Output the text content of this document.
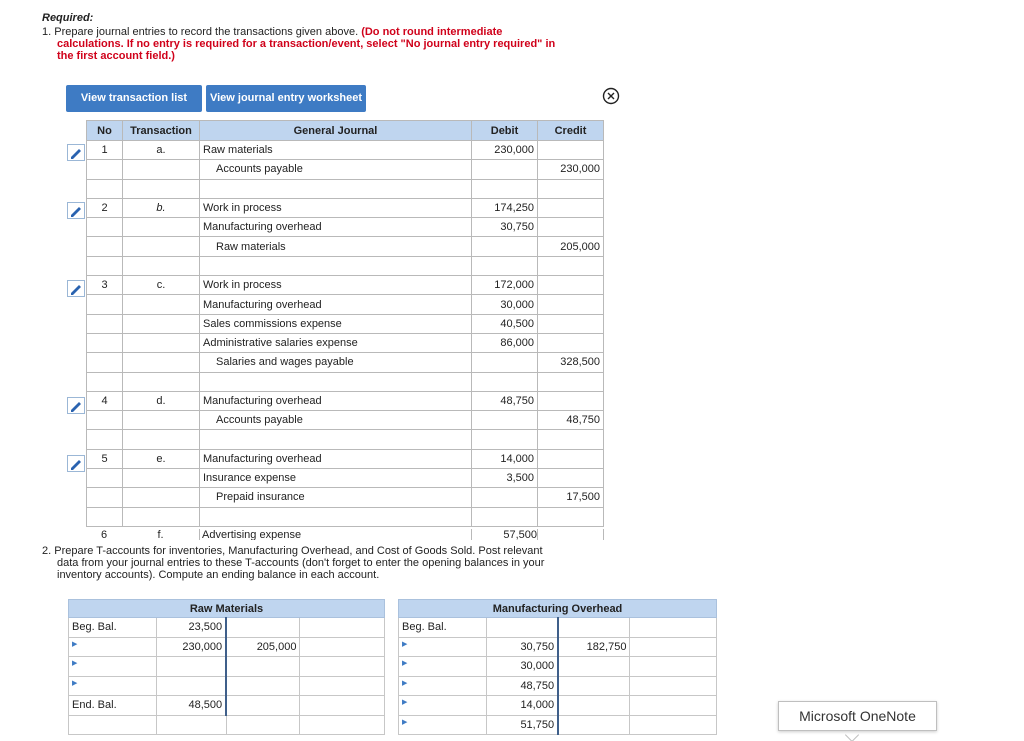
Required:
1. Prepare journal entries to record the transactions given above. (Do not round intermediate
calculations. If no entry is required for a transaction/event, select "No journal entry required" in
the first account field.)
View transaction list	View journal entry worksheet
No	Transaction	General Journal	Debit	Credit
1	a.	Raw materials	230,000	
		Accounts payable		230,000

2	b.	Work in process	174,250	
		Manufacturing overhead	30,750	
		Raw materials		205,000

3	c.	Work in process	172,000	
		Manufacturing overhead	30,000	
		Sales commissions expense	40,500	
		Administrative salaries expense	86,000	
		Salaries and wages payable		328,500

4	d.	Manufacturing overhead	48,750	
		Accounts payable		48,750

5	e.	Manufacturing overhead	14,000	
		Insurance expense	3,500	
		Prepaid insurance		17,500

6	f.	Advertising expense	57,500
2. Prepare T-accounts for inventories, Manufacturing Overhead, and Cost of Goods Sold. Post relevant
data from your journal entries to these T-accounts (don't forget to enter the opening balances in your
inventory accounts). Compute an ending balance in each account.
Raw Materials			
Beg. Bal.	23,500		
▶	230,000	205,000	
▶			
▶			
End. Bal.	48,500		

Manufacturing Overhead			
Beg. Bal.			
▶	30,750	182,750	
▶	30,000		
▶	48,750		
▶	14,000		
▶	51,750		
Microsoft OneNote
